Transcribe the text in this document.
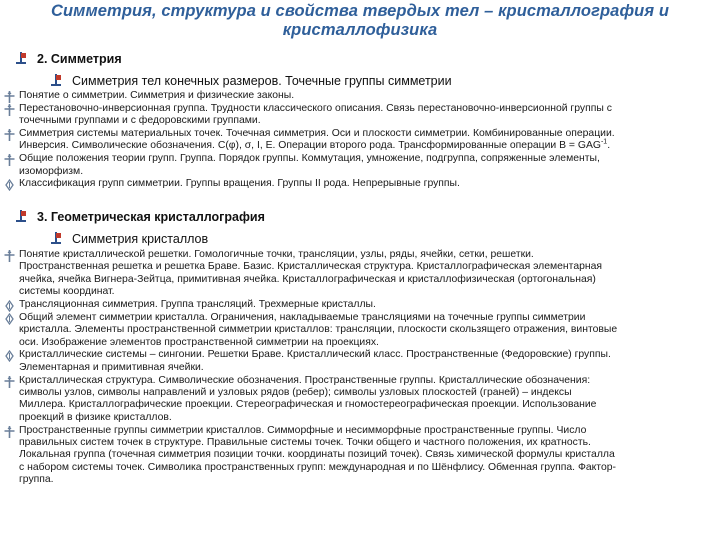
Симметрия, структура и свойства твердых тел – кристаллография и
кристаллофизика
2. Симметрия
Симметрия тел конечных размеров. Точечные группы симметрии
Понятие о симметрии. Симметрия и физические законы.
Перестановочно-инверсионная группа. Трудности классического описания. Связь перестановочно-инверсионной группы с
точечными группами и с федоровскими группами.
Симметрия системы материальных точек. Точечная симметрия. Оси и плоскости симметрии. Комбинированные операции.
Инверсия. Символические обозначения. С(φ), σ, I, E. Операции второго рода. Трансформированные операции $B = GAG^{-1}$.
Общие положения теории групп. Группа. Порядок группы. Коммутация, умножение, подгруппа, сопряженные элементы,
изоморфизм.
Классификация групп симметрии. Группы вращения. Группы II рода. Непрерывные группы.
3. Геометрическая кристаллография
Симметрия кристаллов
Понятие кристаллической решетки. Гомологичные точки, трансляции, узлы, ряды, ячейки, сетки, решетки.
Пространственная решетка и решетка Браве. Базис. Кристаллическая структура. Кристаллографическая элементарная
ячейка, ячейка Вигнера-Зейтца, примитивная ячейка. Кристаллографическая и кристаллофизическая (ортогональная)
системы координат.
Трансляционная симметрия. Группа трансляций. Трехмерные кристаллы.
Общий элемент симметрии кристалла. Ограничения, накладываемые трансляциями на точечные группы симметрии
кристалла. Элементы пространственной симметрии кристаллов: трансляции, плоскости скользящего отражения, винтовые
оси. Изображение элементов пространственной симметрии на проекциях.
Кристаллические системы – сингонии. Решетки Браве. Кристаллический класс. Пространственные (Федоровские) группы.
Элементарная и примитивная ячейки.
Кристаллическая структура. Символические обозначения. Пространственные группы. Кристаллические обозначения:
символы узлов, символы направлений и узловых рядов (ребер); символы узловых плоскостей (граней) – индексы
Миллера. Кристаллографические проекции. Стереографическая и гномостереографическая проекции. Использование
проекций в физике кристаллов.
Пространственные группы симметрии кристаллов. Симморфные и несимморфные пространственные группы. Число
правильных систем точек в структуре. Правильные системы точек. Точки общего и частного положения, их кратность.
Локальная группа (точечная симметрия позиции точки. координаты позиций точек). Связь химической формулы кристалла
с набором системы точек. Символика пространственных групп: международная и по Шёнфлису. Обменная группа. Фактор-
группа.
